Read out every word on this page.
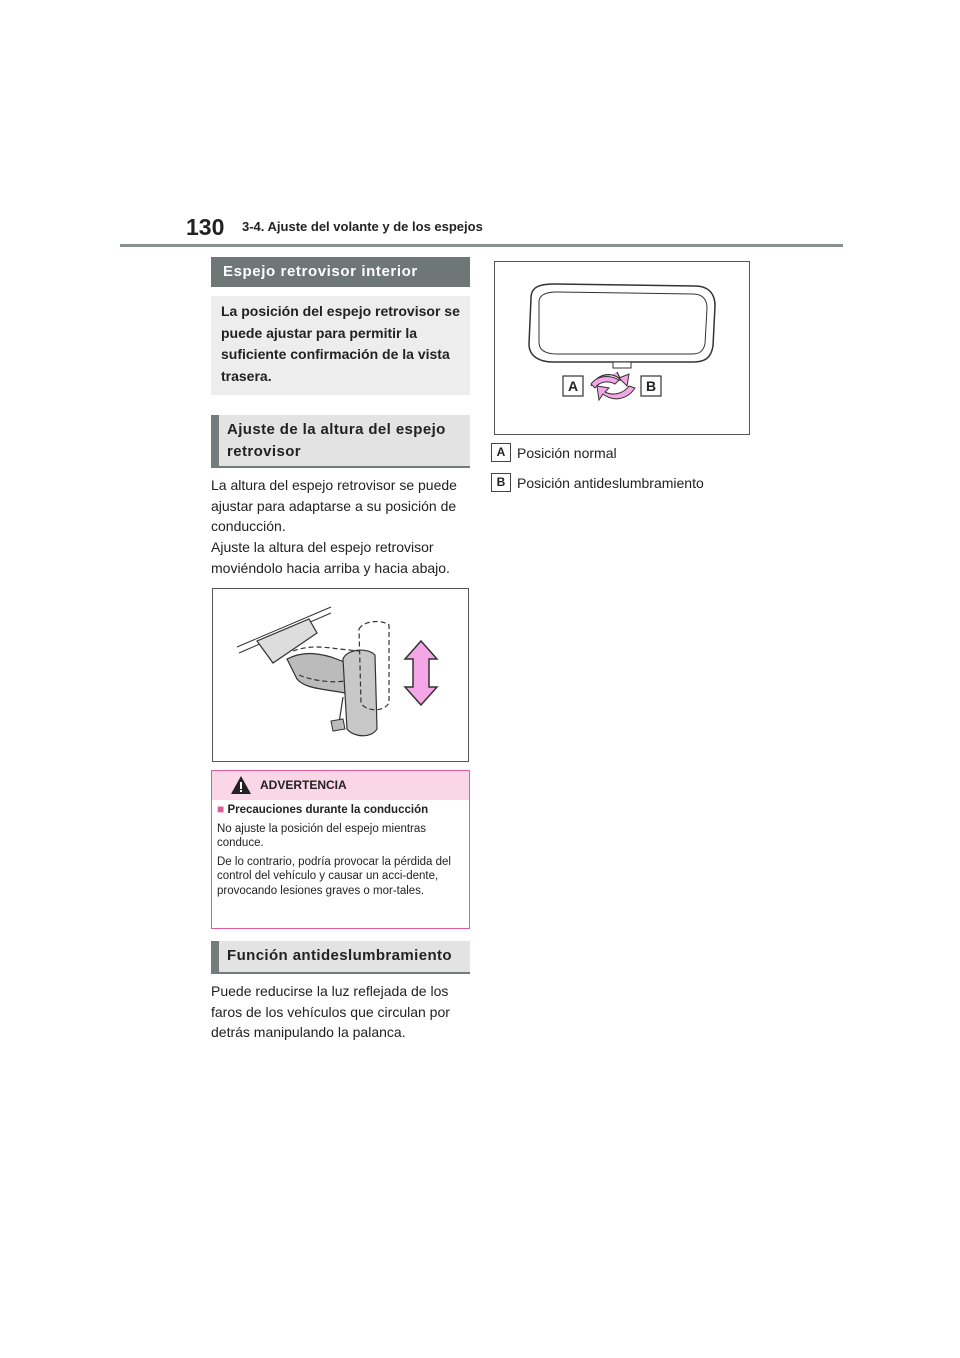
130 3-4. Ajuste del volante y de los espejos
Espejo retrovisor interior
La posición del espejo retrovisor se puede ajustar para permitir la suficiente confirmación de la vista trasera.
Ajuste de la altura del espejo retrovisor
La altura del espejo retrovisor se puede ajustar para adaptarse a su posición de conducción.
Ajuste la altura del espejo retrovisor moviéndolo hacia arriba y hacia abajo.
ADVERTENCIA

■ Precauciones durante la conducción

No ajuste la posición del espejo mientras conduce.

De lo contrario, podría provocar la pérdida del control del vehículo y causar un acci-dente, provocando lesiones graves o mor-tales.

Función antideslumbramiento
Puede reducirse la luz reflejada de los faros de los vehículos que circulan por detrás manipulando la palanca.
A	B
A Posición normal
B Posición antideslumbramiento
